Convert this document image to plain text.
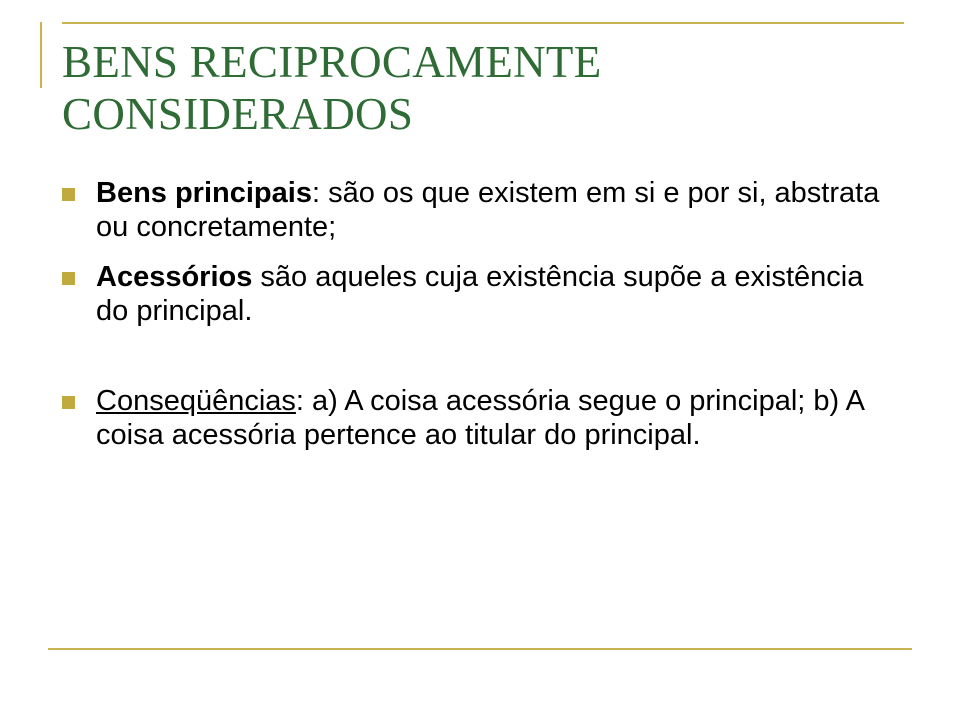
BENS RECIPROCAMENTE
CONSIDERADOS
Bens principais: são os que existem em si e por si, abstrata ou concretamente;
Acessórios são aqueles cuja existência supõe a existência do principal.
Conseqüências: a) A coisa acessória segue o principal; b) A coisa acessória pertence ao titular do principal.
